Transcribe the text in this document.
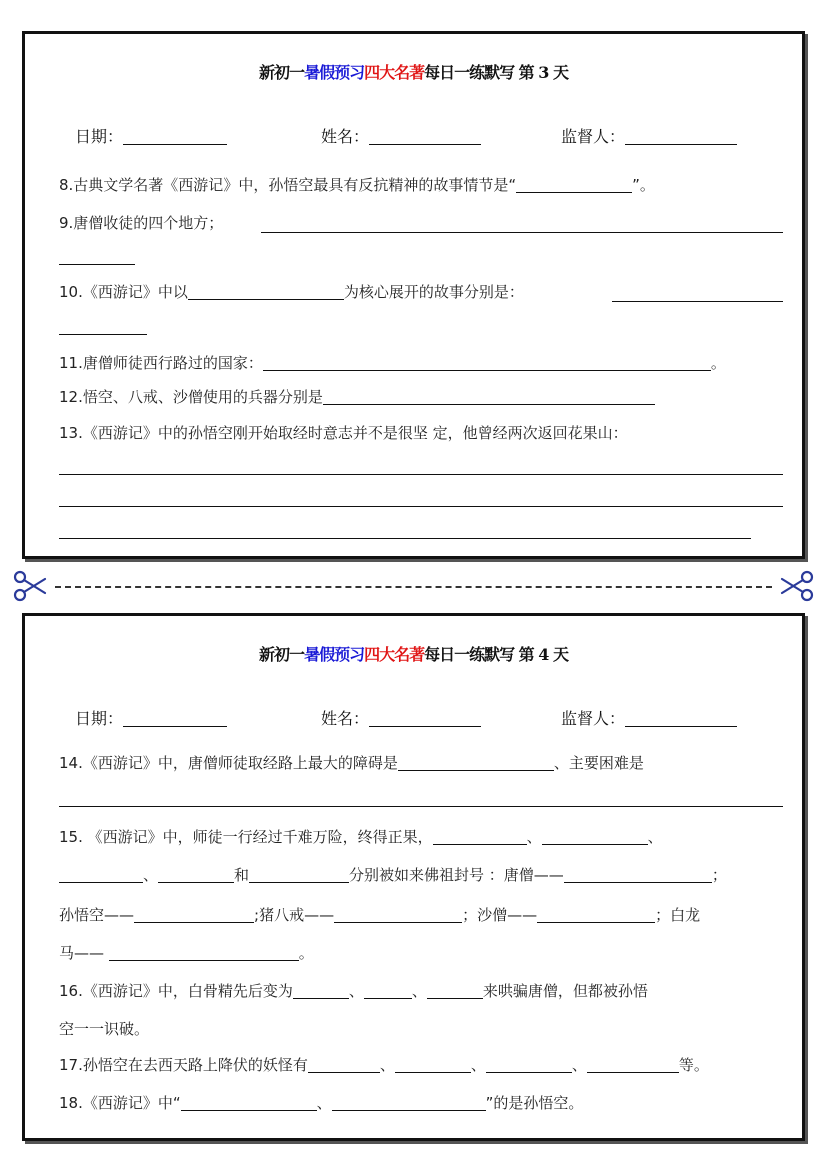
新初一暑假预习四大名著每日一练默写 第 3 天
日期：	姓名：	监督人：
8.古典文学名著《西游记》中，孙悟空最具有反抗精神的故事情节是“	”。
9.唐僧收徒的四个地方；
10.《西游记》中以	为核心展开的故事分别是：
11.唐僧师徒西行路过的国家：	。
12.悟空、八戒、沙僧使用的兵器分别是
13.《西游记》中的孙悟空刚开始取经时意志并不是很坚 定，他曾经两次返回花果山：
新初一暑假预习四大名著每日一练默写 第 4 天
日期：	姓名：	监督人：
14.《西游记》中，唐僧师徒取经路上最大的障碍是	、主要困难是
15. 《西游记》中，师徒一行经过千难万险，终得正果，	、	、
、	和	分别被如来佛祖封号 ：唐僧——	；
孙悟空——	;猪八戒——	；沙僧——	；白龙
马——	。
16.《西游记》中，白骨精先后变为	、	、	来哄骗唐僧，但都被孙悟
空一一识破。
17.孙悟空在去西天路上降伏的妖怪有	、	、	、	等。
18.《西游记》中“	、	”的是孙悟空。
